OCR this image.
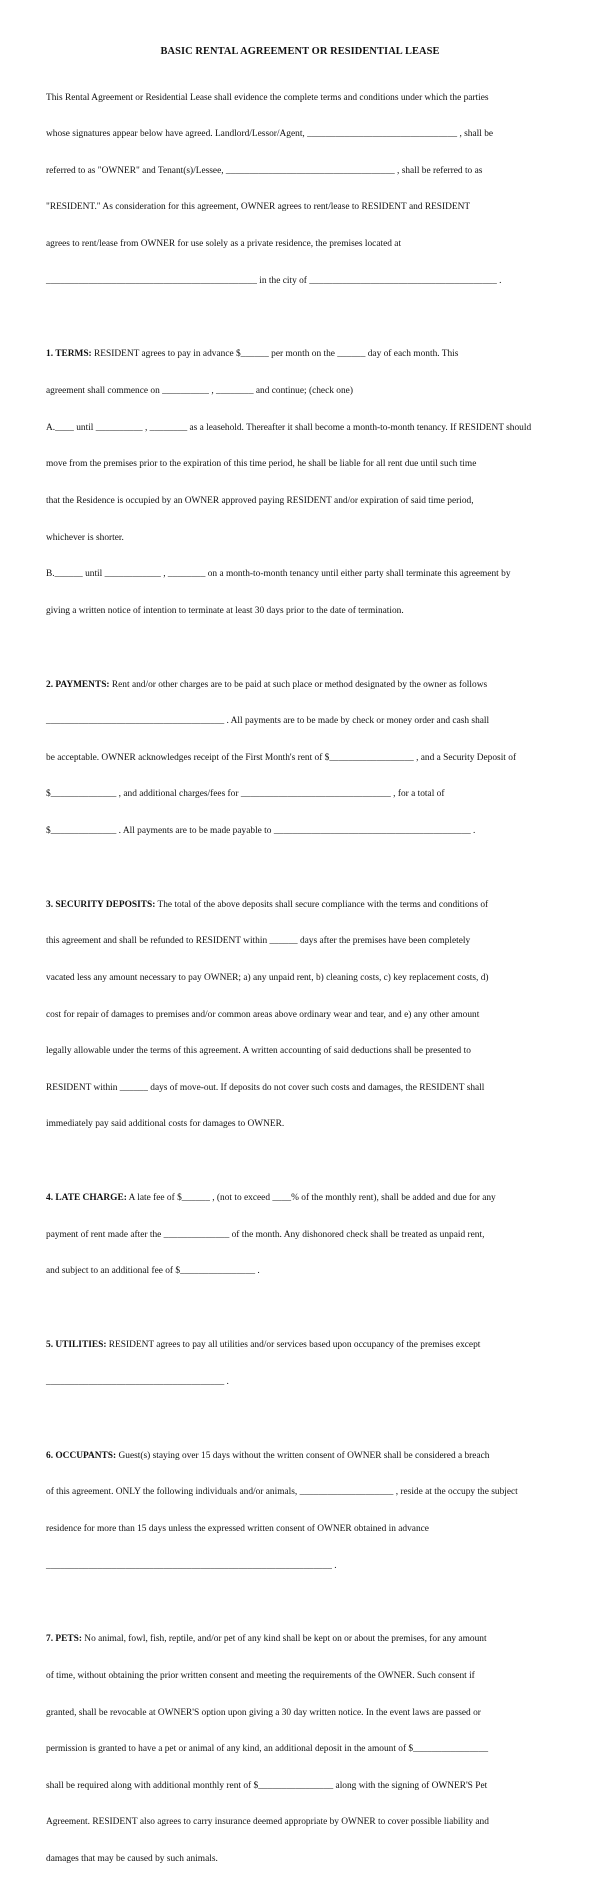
BASIC RENTAL AGREEMENT OR RESIDENTIAL LEASE

This Rental Agreement or Residential Lease shall evidence the complete terms and conditions under which the parties

whose signatures appear below have agreed. Landlord/Lessor/Agent, ________________________________ , shall be

referred to as "OWNER" and Tenant(s)/Lessee, ____________________________________ , shall be referred to as

"RESIDENT." As consideration for this agreement, OWNER agrees to rent/lease to RESIDENT and RESIDENT

agrees to rent/lease from OWNER for use solely as a private residence, the premises located at

_____________________________________________ in the city of ________________________________________ .

1. TERMS: RESIDENT agrees to pay in advance $______ per month on the ______ day of each month. This

agreement shall commence on __________ , ________ and continue; (check one)

A.____ until __________ , ________ as a leasehold. Thereafter it shall become a month-to-month tenancy. If RESIDENT should

move from the premises prior to the expiration of this time period, he shall be liable for all rent due until such time

that the Residence is occupied by an OWNER approved paying RESIDENT and/or expiration of said time period,

whichever is shorter.

B.______ until ____________ , ________ on a month-to-month tenancy until either party shall terminate this agreement by

giving a written notice of intention to terminate at least 30 days prior to the date of termination.

2. PAYMENTS: Rent and/or other charges are to be paid at such place or method designated by the owner as follows

______________________________________ . All payments are to be made by check or money order and cash shall

be acceptable. OWNER acknowledges receipt of the First Month's rent of $__________________ , and a Security Deposit of

$______________ , and additional charges/fees for ________________________________ , for a total of

$______________ . All payments are to be made payable to __________________________________________ .

3. SECURITY DEPOSITS: The total of the above deposits shall secure compliance with the terms and conditions of

this agreement and shall be refunded to RESIDENT within ______ days after the premises have been completely

vacated less any amount necessary to pay OWNER; a) any unpaid rent, b) cleaning costs, c) key replacement costs, d)

cost for repair of damages to premises and/or common areas above ordinary wear and tear, and e) any other amount

legally allowable under the terms of this agreement. A written accounting of said deductions shall be presented to

RESIDENT within ______ days of move-out. If deposits do not cover such costs and damages, the RESIDENT shall

immediately pay said additional costs for damages to OWNER.

4. LATE CHARGE: A late fee of $______ , (not to exceed ____% of the monthly rent), shall be added and due for any

payment of rent made after the ______________ of the month. Any dishonored check shall be treated as unpaid rent,

and subject to an additional fee of $________________ .

5. UTILITIES: RESIDENT agrees to pay all utilities and/or services based upon occupancy of the premises except

______________________________________ .

6. OCCUPANTS: Guest(s) staying over 15 days without the written consent of OWNER shall be considered a breach

of this agreement. ONLY the following individuals and/or animals, ____________________ , reside at the occupy the subject

residence for more than 15 days unless the expressed written consent of OWNER obtained in advance

_____________________________________________________________ .

7. PETS: No animal, fowl, fish, reptile, and/or pet of any kind shall be kept on or about the premises, for any amount

of time, without obtaining the prior written consent and meeting the requirements of the OWNER. Such consent if

granted, shall be revocable at OWNER'S option upon giving a 30 day written notice. In the event laws are passed or

permission is granted to have a pet or animal of any kind, an additional deposit in the amount of $________________

shall be required along with additional monthly rent of $________________ along with the signing of OWNER'S Pet

Agreement. RESIDENT also agrees to carry insurance deemed appropriate by OWNER to cover possible liability and

damages that may be caused by such animals.
